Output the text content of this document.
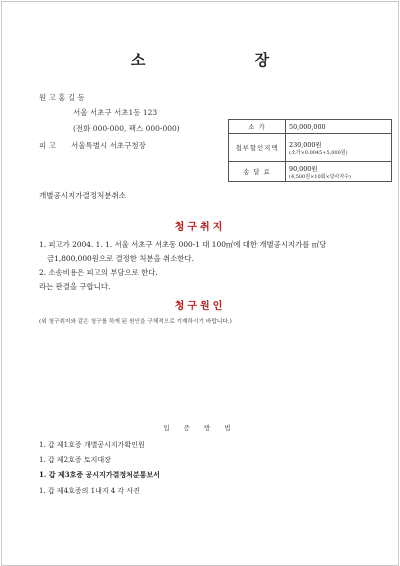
소 장
원 고 홍 길 동
서울 서초구 서초1동 123
(전화 000-000, 팩스 000-000)
피 고 서울특별시 서초구청장
소 가	50,000,000
첩부할인지액	230,000원
(소가×0.0045+5,000원)

송 달 료	90,000원
(4,500원×10회×당사자수)
개별공시지가결정처분취소
청구취지
1. 피고가 2004. 1. 1. 서울 서초구 서초동 000-1 대 100㎡에 대한 개별공시지가를 ㎡당
금1,800,000원으로 결정한 처분을 취소한다.
2. 소송비용은 피고의 부담으로 한다.
라는 판결을 구합니다.
청구원인
(위 청구취지와 같은 청구를 하게 된 원인을 구체적으로 기재하시기 바랍니다.)
입 증 방 법
1. 갑 제1호증 개별공시지가확인원
1. 갑 제2호증 토지대장
1. 갑 제3호증 공시지가결정처분통보서
1. 갑 제4호증의 1내지 4 각 사진
